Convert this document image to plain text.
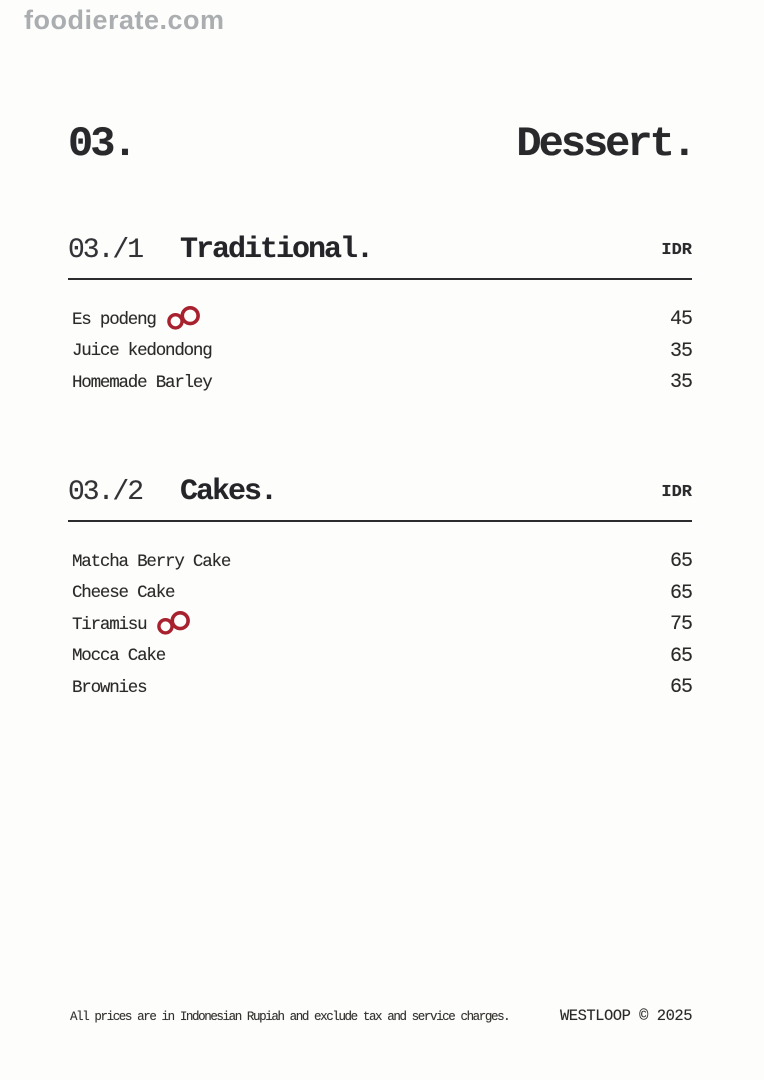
foodierate.com
03.	Dessert.
03./1 Traditional.	IDR
Es podeng	45
Juice kedondong	35
Homemade Barley	35
03./2 Cakes.	IDR
Matcha Berry Cake	65
Cheese Cake	65
Tiramisu	75
Mocca Cake	65
Brownies	65
All prices are in Indonesian Rupiah and exclude tax and service charges.	WESTLOOP © 2025
